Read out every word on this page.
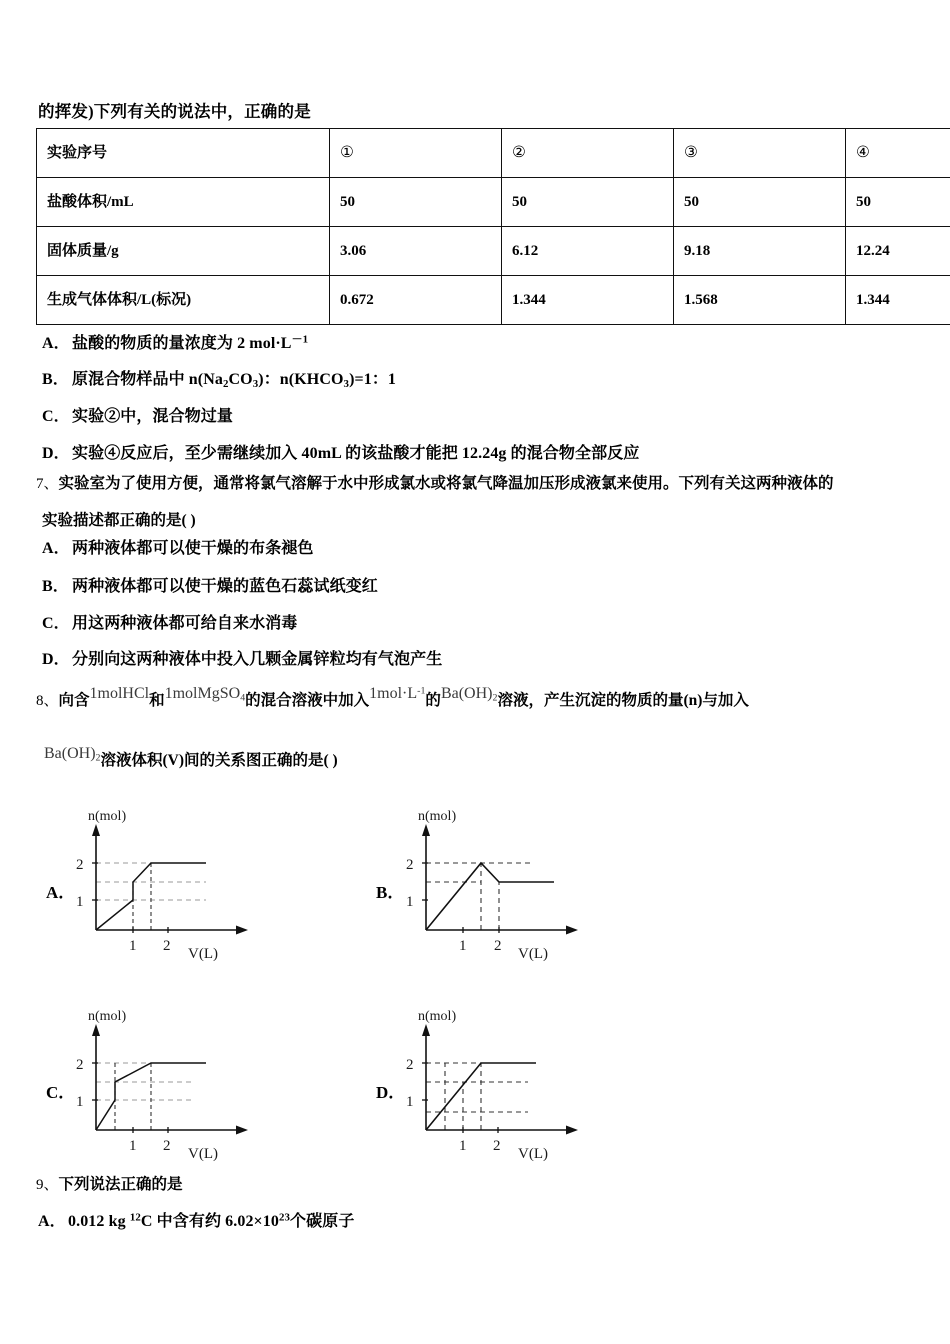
的挥发)下列有关的说法中，正确的是
实验序号	①	②	③	④
盐酸体积/mL	50	50	50	50
固体质量/g	3.06	6.12	9.18	12.24
生成气体体积/L(标况)	0.672	1.344	1.568	1.344
A． 盐酸的物质的量浓度为 2 $mol\cdot L^{-1}$
B． 原混合物样品中 $n(Na_2CO_3)$：$n(KHCO_3)=1$：1
C． 实验②中，混合物过量
D． 实验④反应后，至少需继续加入 40mL 的该盐酸才能把 12.24g 的混合物全部反应
7、实验室为了使用方便，通常将氯气溶解于水中形成氯水或将氯气降温加压形成液氯来使用。下列有关这两种液体的
实验描述都正确的是( )
A． 两种液体都可以使干燥的布条褪色
B． 两种液体都可以使干燥的蓝色石蕊试纸变红
C． 用这两种液体都可给自来水消毒
D． 分别向这两种液体中投入几颗金属锌粒均有气泡产生
8、向含1molHCl和1molMgSO$_4$的混合溶液中加入$1mol\cdot L^{-1}$的$Ba(OH)_2$溶液，产生沉淀的物质的量(n)与加入
$Ba(OH)_2$溶液体积(V)间的关系图正确的是( )
A．
n(mol)
2
1
1 2 V(L)
B．
n(mol)
2
1
1 2 V(L)
C．
n(mol)
2
1
1 2 V(L)
D．
n(mol)
2
1
1 2 V(L)
9、下列说法正确的是
A． 0.012 kg $^{12}$C 中含有约 $6.02\times 10^{23}$个碳原子
